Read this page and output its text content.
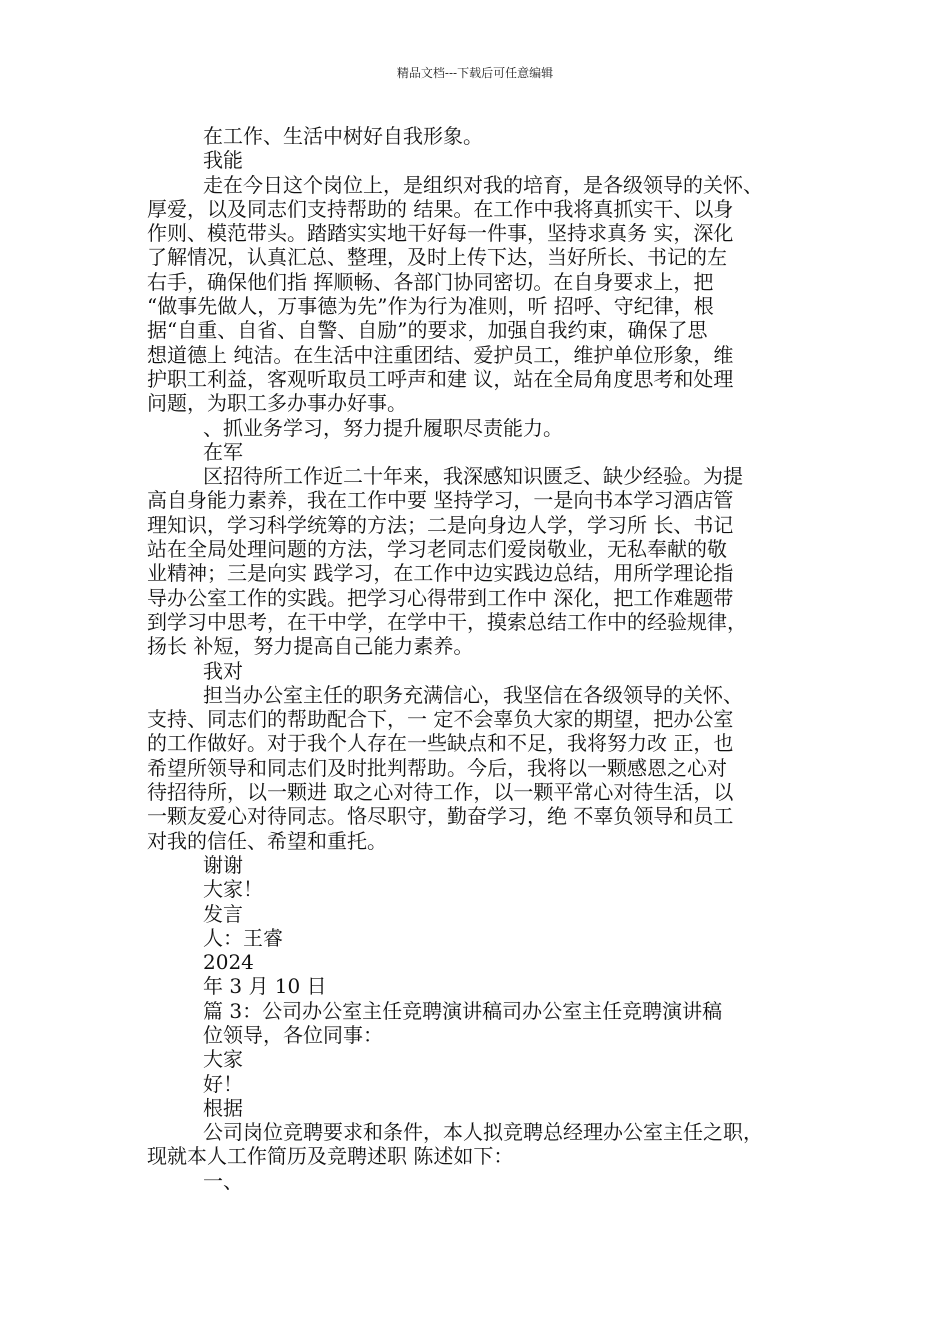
精品文档---下载后可任意编辑

在工作、生活中树好自我形象。

我能

走在今日这个岗位上，是组织对我的培育，是各级领导的关怀、

厚爱，以及同志们支持帮助的 结果。在工作中我将真抓实干、以身

作则、模范带头。踏踏实实地干好每一件事，坚持求真务 实，深化

了解情况，认真汇总、整理，及时上传下达，当好所长、书记的左

右手，确保他们指 挥顺畅、各部门协同密切。在自身要求上，把

“做事先做人，万事德为先”作为行为准则，听 招呼、守纪律，根

据“自重、自省、自警、自励”的要求，加强自我约束，确保了思

想道德上 纯洁。在生活中注重团结、爱护员工，维护单位形象，维

护职工利益，客观听取员工呼声和建 议，站在全局角度思考和处理

问题，为职工多办事办好事。

、抓业务学习，努力提升履职尽责能力。

在军

区招待所工作近二十年来，我深感知识匮乏、缺少经验。为提

高自身能力素养，我在工作中要 坚持学习，一是向书本学习酒店管

理知识，学习科学统筹的方法；二是向身边人学，学习所 长、书记

站在全局处理问题的方法，学习老同志们爱岗敬业，无私奉献的敬

业精神；三是向实 践学习，在工作中边实践边总结，用所学理论指

导办公室工作的实践。把学习心得带到工作中 深化，把工作难题带

到学习中思考，在干中学，在学中干，摸索总结工作中的经验规律，

扬长 补短，努力提高自己能力素养。

我对

担当办公室主任的职务充满信心，我坚信在各级领导的关怀、

支持、同志们的帮助配合下，一 定不会辜负大家的期望，把办公室

的工作做好。对于我个人存在一些缺点和不足，我将努力改 正，也

希望所领导和同志们及时批判帮助。今后，我将以一颗感恩之心对

待招待所，以一颗进 取之心对待工作，以一颗平常心对待生活，以

一颗友爱心对待同志。恪尽职守，勤奋学习，绝 不辜负领导和员工

对我的信任、希望和重托。

谢谢

大家！

发言

人：王睿

2024

年 3 月 10 日

篇 3：公司办公室主任竞聘演讲稿司办公室主任竞聘演讲稿

位领导，各位同事：

大家

好！

根据

公司岗位竞聘要求和条件，本人拟竞聘总经理办公室主任之职，

现就本人工作简历及竞聘述职 陈述如下：

一、
